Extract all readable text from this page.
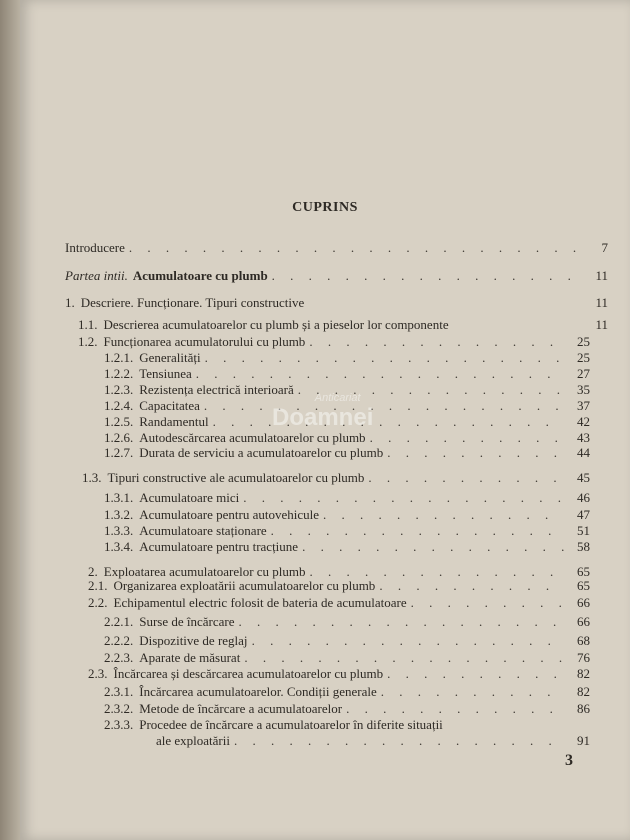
CUPRINS
Introducere . . .	7
Partea intii. Acumulatoare cu plumb . . .	11
1. Descriere. Funcționare. Tipuri constructive	11
1.1. Descrierea acumulatoarelor cu plumb și a pieselor lor componente	11
1.2. Funcționarea acumulatorului cu plumb . . .	25
1.2.1. Generalități . . .	25
1.2.2. Tensiunea . . .	27
1.2.3. Rezistența electrică interioară . . .	35
1.2.4. Capacitatea . . .	37
1.2.5. Randamentul . . .	42
1.2.6. Autodescărcarea acumulatoarelor cu plumb . . .	43
1.2.7. Durata de serviciu a acumulatoarelor cu plumb . . .	44
1.3. Tipuri constructive ale acumulatoarelor cu plumb . . .	45
1.3.1. Acumulatoare mici . . .	46
1.3.2. Acumulatoare pentru autovehicule . . .	47
1.3.3. Acumulatoare staționare . . .	51
1.3.4. Acumulatoare pentru tracțiune . . .	58
2. Exploatarea acumulatoarelor cu plumb . . .	65
2.1. Organizarea exploatării acumulatoarelor cu plumb . . .	65
2.2. Echipamentul electric folosit de bateria de acumulatoare . . .	66
2.2.1. Surse de încărcare . . .	66
2.2.2. Dispozitive de reglaj . . .	68
2.2.3. Aparate de măsurat . . .	76
2.3. Încărcarea și descărcarea acumulatoarelor cu plumb . . .	82
2.3.1. Încărcarea acumulatoarelor. Condiții generale . . .	82
2.3.2. Metode de încărcare a acumulatoarelor . . .	86
2.3.3. Procedee de încărcare a acumulatoarelor în diferite situații
ale exploatării . . .	91
Anticariat
Doamnei
3
